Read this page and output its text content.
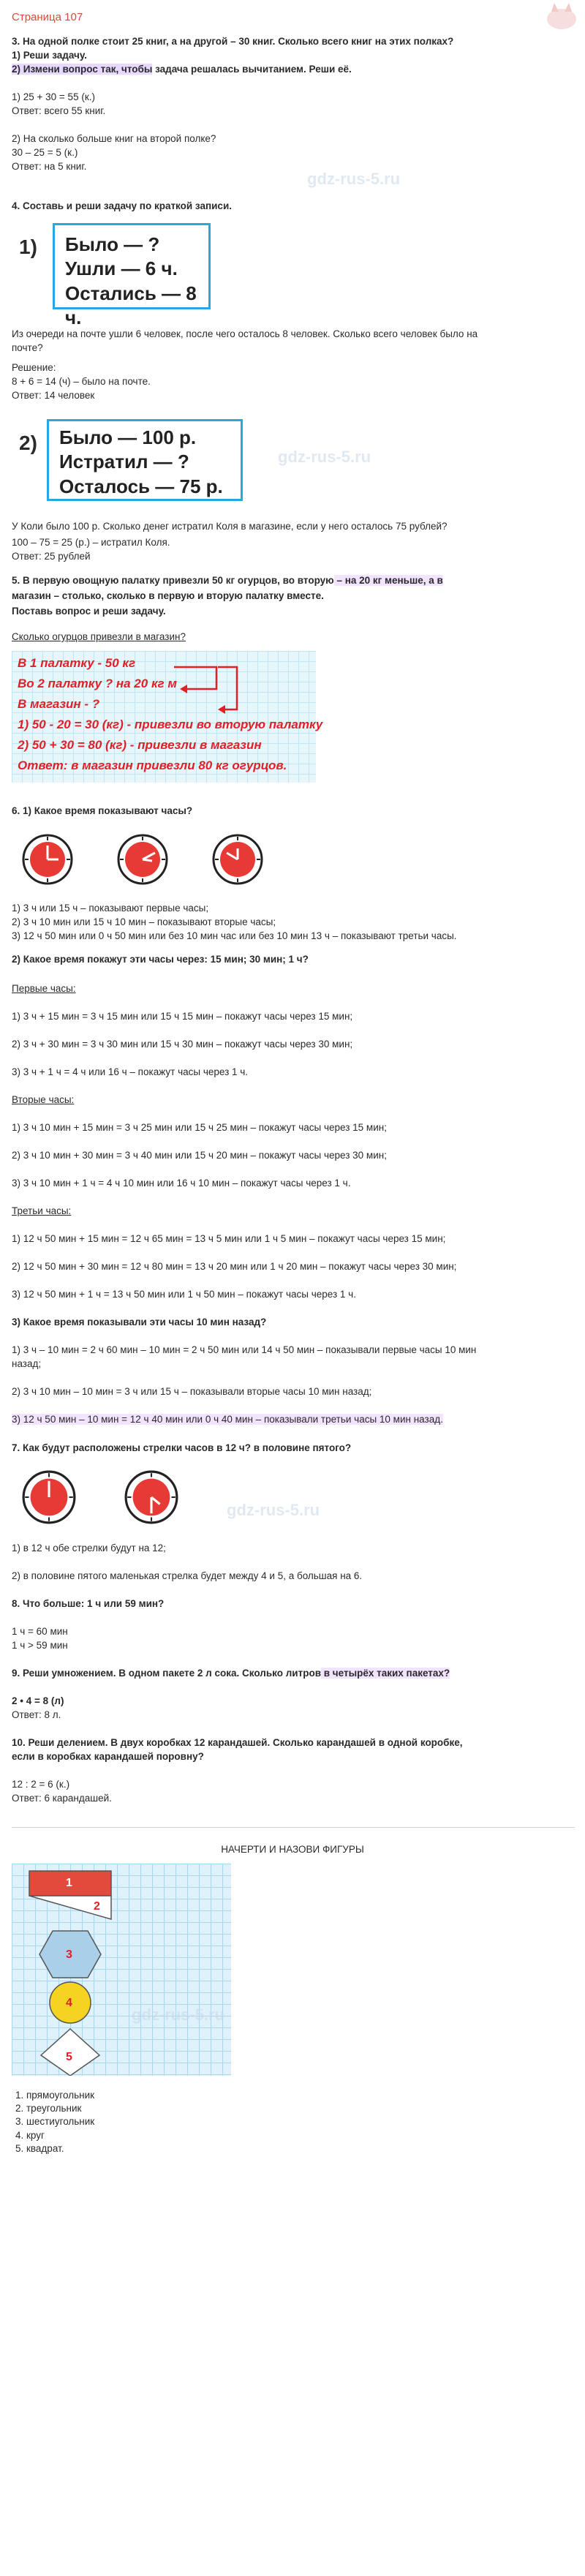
Страница 107
3. На одной полке стоит 25 книг, а на другой – 30 книг. Сколько всего книг на этих полках?
1) Реши задачу.
2) Измени вопрос так, чтобы задача решалась вычитанием. Реши её.
1) 25 + 30 = 55 (к.)
Ответ: всего 55 книг.
2) На сколько больше книг на второй полке?
30 – 25 = 5 (к.)
Ответ: на 5 книг.
gdz-rus-5.ru
4. Составь и реши задачу по краткой записи.
1) Было — ?
Ушли — 6 ч.
Остались — 8 ч.
Из очереди на почте ушли 6 человек, после чего осталось 8 человек. Сколько всего человек было на
почте?
Решение:
8 + 6 = 14 (ч) – было на почте.
Ответ: 14 человек
2) Было — 100 р.
Истратил — ?
Осталось — 75 р.
gdz-rus-5.ru
У Коли было 100 р. Сколько денег истратил Коля в магазине, если у него осталось 75 рублей?
100 – 75 = 25 (р.) – истратил Коля.
Ответ: 25 рублей
5. В первую овощную палатку привезли 50 кг огурцов, во вторую – на 20 кг меньше, а в
магазин – столько, сколько в первую и вторую палатку вместе.
Поставь вопрос и реши задачу.
Сколько огурцов привезли в магазин?
В 1 палатку - 50 кг
Во 2 палатку ? на 20 кг м
В магазин - ?
1) 50 - 20 = 30 (кг) - привезли во вторую палатку
2) 50 + 30 = 80 (кг) - привезли в магазин
Ответ: в магазин привезли 80 кг огурцов.
6. 1) Какое время показывают часы?
1) 3 ч или 15 ч – показывают первые часы;
2) 3 ч 10 мин или 15 ч 10 мин – показывают вторые часы;
3) 12 ч 50 мин или 0 ч 50 мин или без 10 мин час или без 10 мин 13 ч – показывают третьи часы.
2) Какое время покажут эти часы через: 15 мин; 30 мин; 1 ч?
Первые часы:
1) 3 ч + 15 мин = 3 ч 15 мин или 15 ч 15 мин – покажут часы через 15 мин;
2) 3 ч + 30 мин = 3 ч 30 мин или 15 ч 30 мин – покажут часы через 30 мин;
3) 3 ч + 1 ч = 4 ч или 16 ч – покажут часы через 1 ч.
Вторые часы:
1) 3 ч 10 мин + 15 мин = 3 ч 25 мин или 15 ч 25 мин – покажут часы через 15 мин;
2) 3 ч 10 мин + 30 мин = 3 ч 40 мин или 15 ч 20 мин – покажут часы через 30 мин;
3) 3 ч 10 мин + 1 ч = 4 ч 10 мин или 16 ч 10 мин – покажут часы через 1 ч.
Третьи часы:
1) 12 ч 50 мин + 15 мин = 12 ч 65 мин = 13 ч 5 мин или 1 ч 5 мин – покажут часы через 15 мин;
2) 12 ч 50 мин + 30 мин = 12 ч 80 мин = 13 ч 20 мин или 1 ч 20 мин – покажут часы через 30 мин;
3) 12 ч 50 мин + 1 ч = 13 ч 50 мин или 1 ч 50 мин – покажут часы через 1 ч.
3) Какое время показывали эти часы 10 мин назад?
1) 3 ч – 10 мин = 2 ч 60 мин – 10 мин = 2 ч 50 мин или 14 ч 50 мин – показывали первые часы 10 мин
назад;
2) 3 ч 10 мин – 10 мин = 3 ч или 15 ч – показывали вторые часы 10 мин назад;
3) 12 ч 50 мин – 10 мин = 12 ч 40 мин или 0 ч 40 мин – показывали третьи часы 10 мин назад.
7. Как будут расположены стрелки часов в 12 ч? в половине пятого?
gdz-rus-5.ru
1) в 12 ч обе стрелки будут на 12;
2) в половине пятого маленькая стрелка будет между 4 и 5, а большая на 6.
8. Что больше: 1 ч или 59 мин?
1 ч = 60 мин
1 ч > 59 мин
9. Реши умножением. В одном пакете 2 л сока. Сколько литров в четырёх таких пакетах?
2 • 4 = 8 (л)
Ответ: 8 л.
10. Реши делением. В двух коробках 12 карандашей. Сколько карандашей в одной коробке,
если в коробках карандашей поровну?
12 : 2 = 6 (к.)
Ответ: 6 карандашей.
НАЧЕРТИ И НАЗОВИ ФИГУРЫ
1
2
3
4
5
gdz-rus-5.ru
1. прямоугольник
2. треугольник
3. шестиугольник
4. круг
5. квадрат.
